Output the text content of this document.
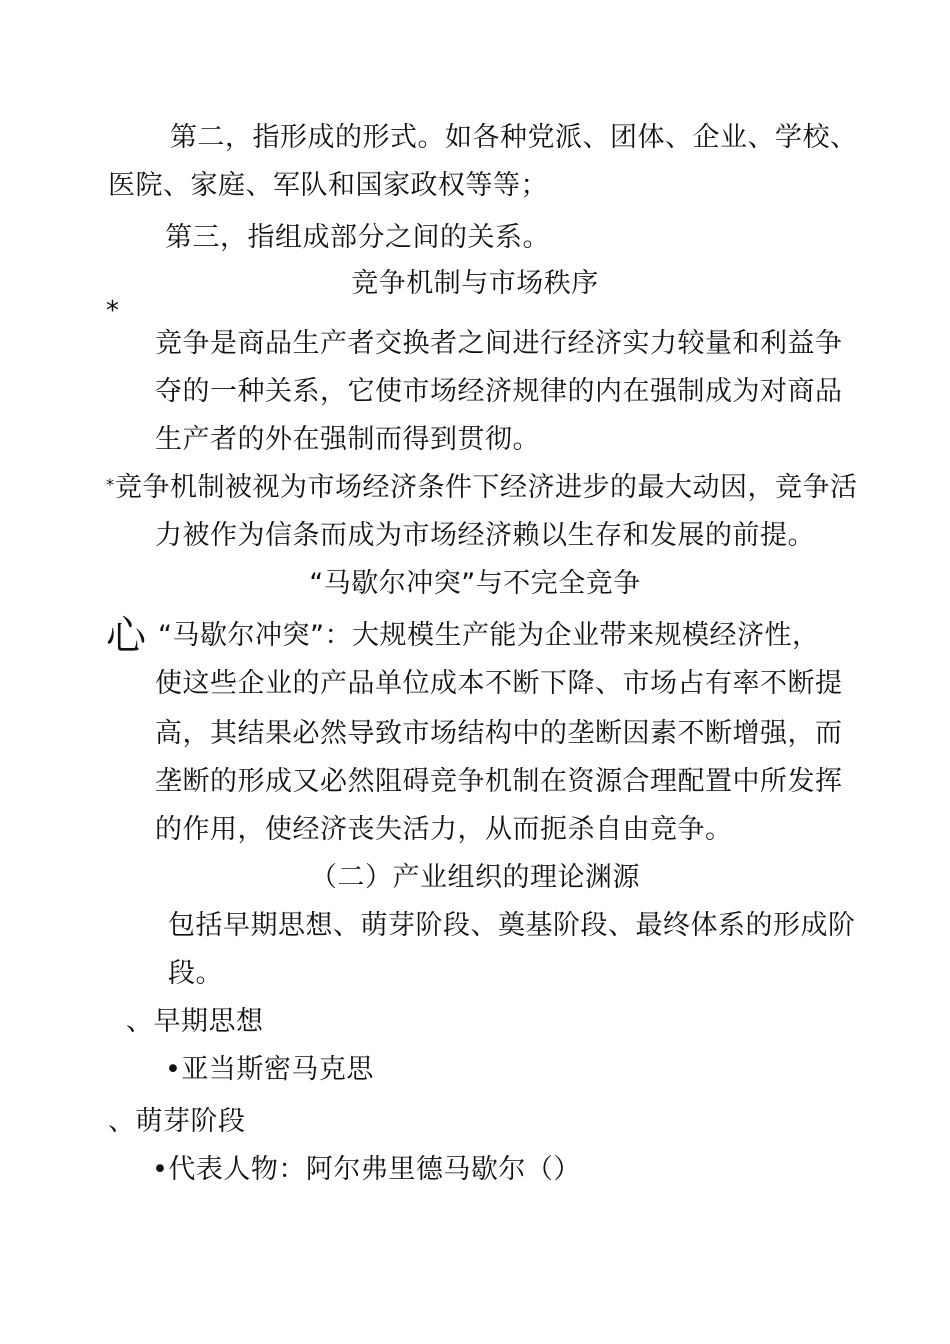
第二，指形成的形式。如各种党派、团体、企业、学校、
医院、家庭、军队和国家政权等等；
第三，指组成部分之间的关系。
竞争机制与市场秩序
*
竞争是商品生产者交换者之间进行经济实力较量和利益争
夺的一种关系，它使市场经济规律的内在强制成为对商品
生产者的外在强制而得到贯彻。
* 竞争机制被视为市场经济条件下经济进步的最大动因，竞争活
力被作为信条而成为市场经济赖以生存和发展的前提。
“马歇尔冲突”与不完全竞争
心 “马歇尔冲突”：大规模生产能为企业带来规模经济性，
使这些企业的产品单位成本不断下降、市场占有率不断提
高，其结果必然导致市场结构中的垄断因素不断增强，而
垄断的形成又必然阻碍竞争机制在资源合理配置中所发挥
的作用，使经济丧失活力，从而扼杀自由竞争。
（二）产业组织的理论渊源
包括早期思想、萌芽阶段、奠基阶段、最终体系的形成阶
段。
、早期思想
•亚当斯密马克思
、萌芽阶段
•代表人物：阿尔弗里德马歇尔（）
